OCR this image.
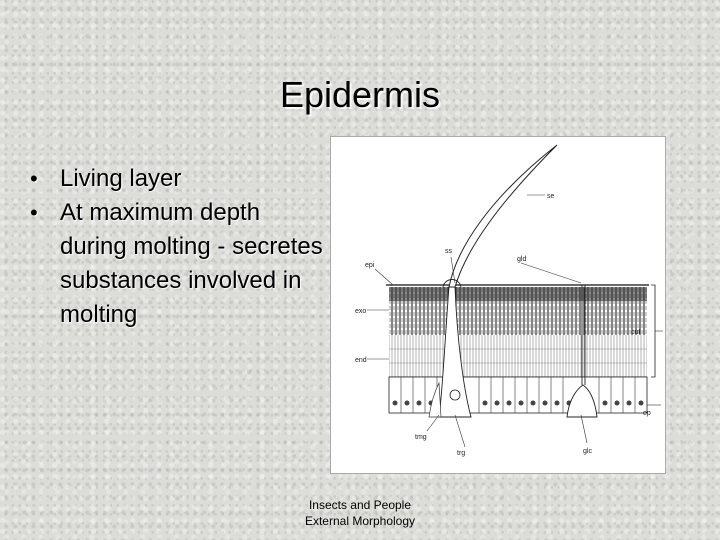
Epidermis
• Living layer
• At maximum depth during molting - secretes substances involved in molting
se
ss
epi
gld
exo
cut
end
ep
tmg
trg	glc
Insects and People
External Morphology
